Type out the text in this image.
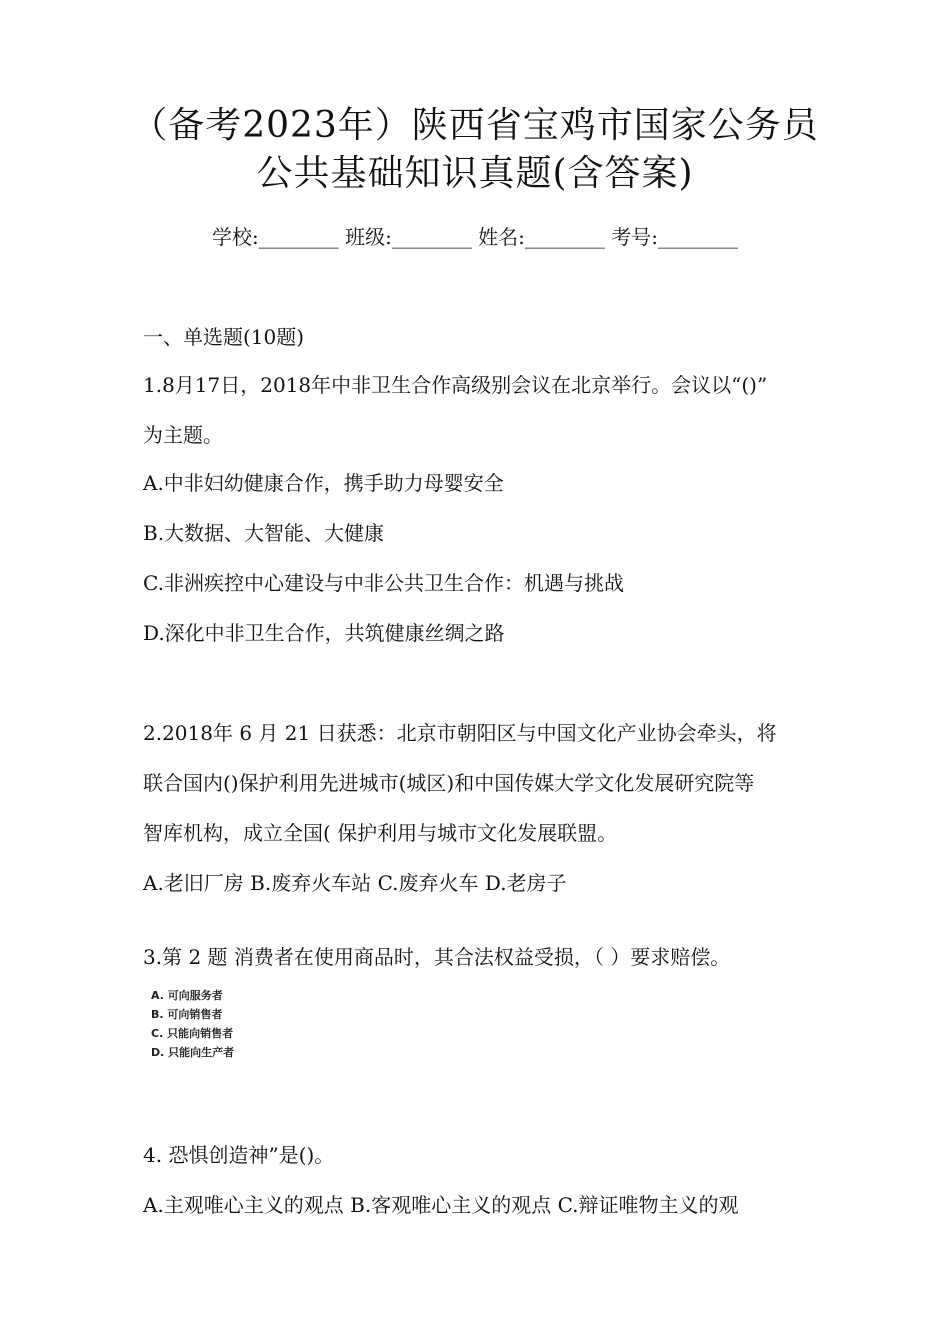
（备考2023年）陕西省宝鸡市国家公务员
公共基础知识真题(含答案)
学校:________ 班级:________ 姓名:________ 考号:________
一、单选题(10题)
1.8月17日，2018年中非卫生合作高级别会议在北京举行。会议以“()”
为主题。
A.中非妇幼健康合作，携手助力母婴安全
B.大数据、大智能、大健康
C.非洲疾控中心建设与中非公共卫生合作：机遇与挑战
D.深化中非卫生合作，共筑健康丝绸之路
2.2018年 6 月 21 日获悉：北京市朝阳区与中国文化产业协会牵头，将
联合国内()保护利用先进城市(城区)和中国传媒大学文化发展研究院等
智库机构，成立全国( 保护利用与城市文化发展联盟。
A.老旧厂房 B.废弃火车站 C.废弃火车 D.老房子
3.第 2 题 消费者在使用商品时，其合法权益受损，（ ）要求赔偿。
A. 可向服务者
B. 可向销售者
C. 只能向销售者
D. 只能向生产者
4. 恐惧创造神”是()。
A.主观唯心主义的观点 B.客观唯心主义的观点 C.辩证唯物主义的观
